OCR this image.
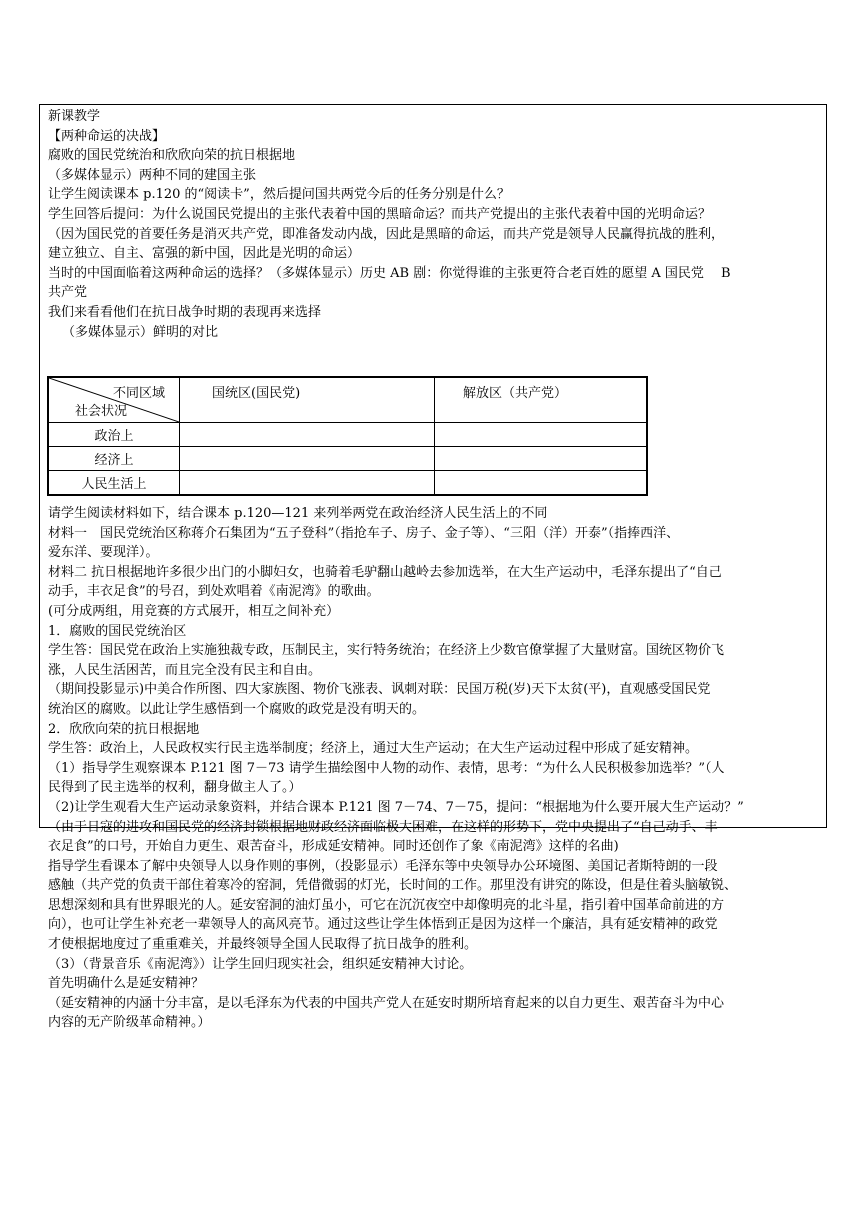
新课教学

【两种命运的决战】

腐败的国民党统治和欣欣向荣的抗日根据地

（多媒体显示）两种不同的建国主张

让学生阅读课本 p.120 的“阅读卡”，然后提问国共两党今后的任务分别是什么？

学生回答后提问：为什么说国民党提出的主张代表着中国的黑暗命运？而共产党提出的主张代表着中国的光明命运？

（因为国民党的首要任务是消灭共产党，即准备发动内战，因此是黑暗的命运，而共产党是领导人民赢得抗战的胜利，

建立独立、自主、富强的新中国，因此是光明的命运）

当时的中国面临着这两种命运的选择？（多媒体显示）历史 AB 剧：你觉得谁的主张更符合老百姓的愿望 A 国民党　 B

共产党

我们来看看他们在抗日战争时期的表现再来选择

（多媒体显示）鲜明的对比

不同区域
社会状况	国统区(国民党)	解放区（共产党）
政治上		
经济上		
人民生活上		

请学生阅读材料如下，结合课本 p.120—121 来列举两党在政治经济人民生活上的不同

材料一　国民党统治区称蒋介石集团为“五子登科”（指抢车子、房子、金子等）、“三阳（洋）开泰”（指捧西洋、

爱东洋、要现洋）。

材料二 抗日根据地许多很少出门的小脚妇女，也骑着毛驴翻山越岭去参加选举，在大生产运动中，毛泽东提出了“自己

动手，丰衣足食”的号召，到处欢唱着《南泥湾》的歌曲。

(可分成两组，用竞赛的方式展开，相互之间补充）

1．腐败的国民党统治区

学生答：国民党在政治上实施独裁专政，压制民主，实行特务统治；在经济上少数官僚掌握了大量财富。国统区物价飞

涨，人民生活困苦，而且完全没有民主和自由。

（期间投影显示)中美合作所图、四大家族图、物价飞涨表、讽刺对联：民国万税(岁)天下太贫(平)，直观感受国民党

统治区的腐败。以此让学生感悟到一个腐败的政党是没有明天的。

2．欣欣向荣的抗日根据地

学生答：政治上，人民政权实行民主选举制度；经济上，通过大生产运动；在大生产运动过程中形成了延安精神。

（1）指导学生观察课本 P.121 图 7－73 请学生描绘图中人物的动作、表情，思考：“为什么人民积极参加选举？”（人

民得到了民主选举的权利，翻身做主人了。）

（2)让学生观看大生产运动录象资料，并结合课本 P.121 图 7－74、7－75，提问：“根据地为什么要开展大生产运动？”

（由于日寇的进攻和国民党的经济封锁根据地财政经济面临极大困难，在这样的形势下，党中央提出了“自己动手、丰

衣足食”的口号，开始自力更生、艰苦奋斗，形成延安精神。同时还创作了象《南泥湾》这样的名曲)

指导学生看课本了解中央领导人以身作则的事例，（投影显示）毛泽东等中央领导办公环境图、美国记者斯特朗的一段

感触（共产党的负责干部住着寒冷的窑洞，凭借微弱的灯光，长时间的工作。那里没有讲究的陈设，但是住着头脑敏锐、

思想深刻和具有世界眼光的人。延安窑洞的油灯虽小，可它在沉沉夜空中却像明亮的北斗星，指引着中国革命前进的方

向），也可让学生补充老一辈领导人的高风亮节。通过这些让学生体悟到正是因为这样一个廉洁，具有延安精神的政党

才使根据地度过了重重难关，并最终领导全国人民取得了抗日战争的胜利。

（3）（背景音乐《南泥湾》）让学生回归现实社会，组织延安精神大讨论。

首先明确什么是延安精神？

（延安精神的内涵十分丰富，是以毛泽东为代表的中国共产党人在延安时期所培育起来的以自力更生、艰苦奋斗为中心

内容的无产阶级革命精神。）
